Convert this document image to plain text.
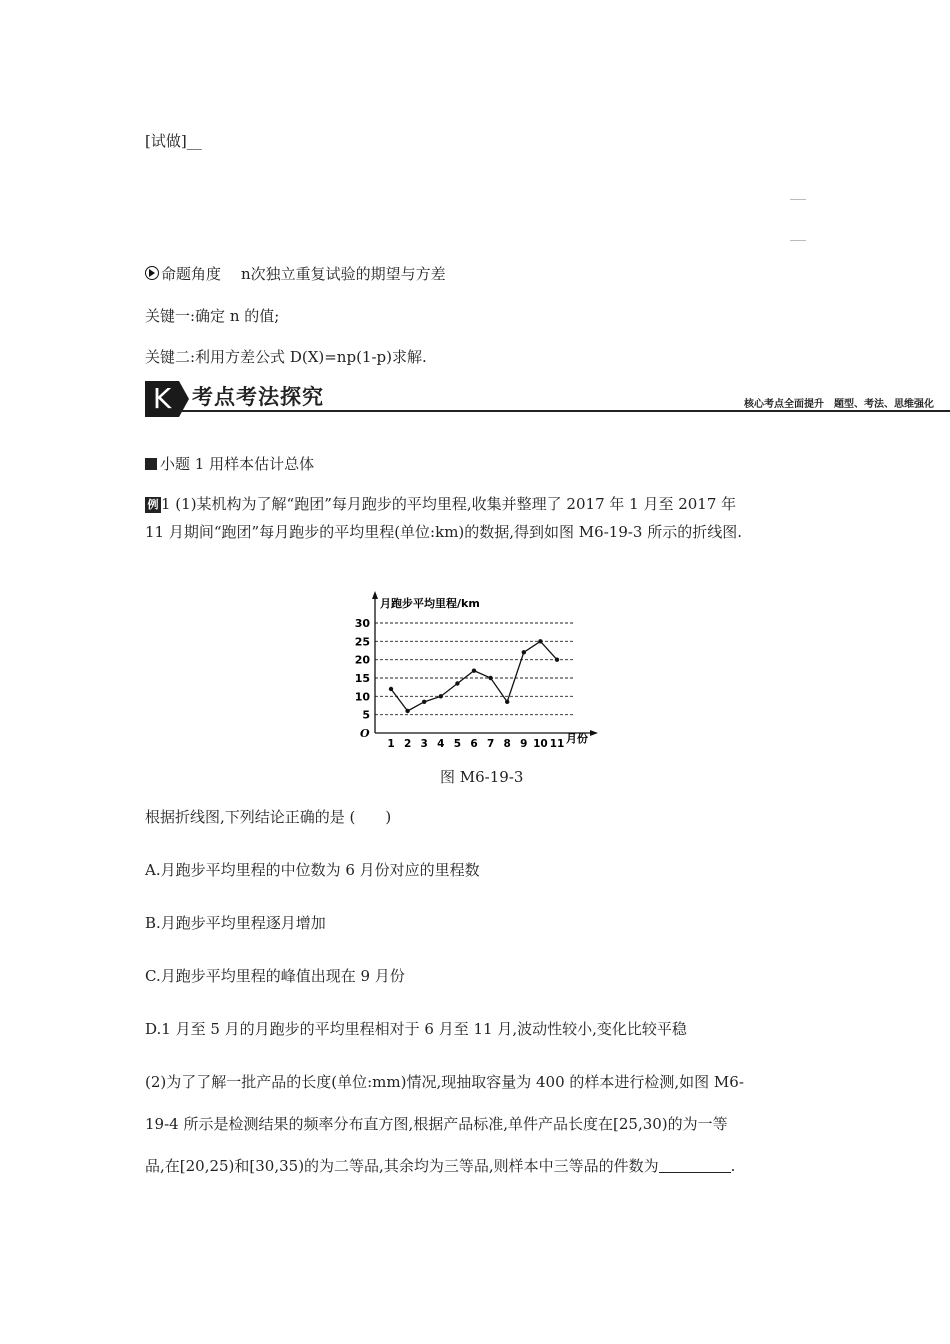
[试做]__
命题角度 n次独立重复试验的期望与方差
关键一:确定 n 的值;
关键二:利用方差公式 D(X)=np(1-p)求解.
K 考点考法探究	核心考点全面提升　题型、考法、思维强化
小题 1 用样本估计总体
例 1 (1)某机构为了解“跑团”每月跑步的平均里程,收集并整理了 2017 年 1 月至 2017 年
11 月期间“跑团”每月跑步的平均里程(单位:km)的数据,得到如图 M6-19-3 所示的折线图.
月跑步平均里程/km
月份
O
5
10
15
20
25
30
1 2 3 4 5 6 7 8 9 10 11
图 M6-19-3
根据折线图,下列结论正确的是 (　　)
A.月跑步平均里程的中位数为 6 月份对应的里程数
B.月跑步平均里程逐月增加
C.月跑步平均里程的峰值出现在 9 月份
D.1 月至 5 月的月跑步的平均里程相对于 6 月至 11 月,波动性较小,变化比较平稳
(2)为了了解一批产品的长度(单位:mm)情况,现抽取容量为 400 的样本进行检测,如图 M6-
19-4 所示是检测结果的频率分布直方图,根据产品标准,单件产品长度在[25,30)的为一等
品,在[20,25)和[30,35)的为二等品,其余均为三等品,则样本中三等品的件数为	.
